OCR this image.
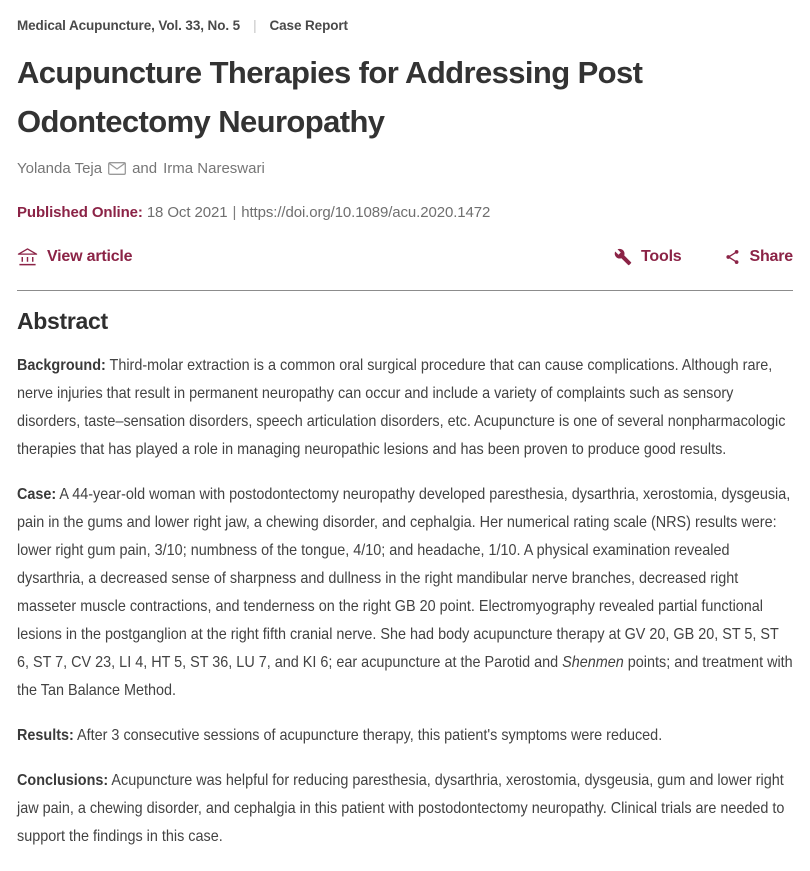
Medical Acupuncture, Vol. 33, No. 5 | Case Report
Acupuncture Therapies for Addressing Post Odontectomy Neuropathy
Yolanda Teja and Irma Nareswari
Published Online: 18 Oct 2021 | https://doi.org/10.1089/acu.2020.1472
View article	Tools	Share
Abstract

Background: Third-molar extraction is a common oral surgical procedure that can cause complications. Although rare, nerve injuries that result in permanent neuropathy can occur and include a variety of complaints such as sensory disorders, taste–sensation disorders, speech articulation disorders, etc. Acupuncture is one of several nonpharmacologic therapies that has played a role in managing neuropathic lesions and has been proven to produce good results.

Case: A 44-year-old woman with postodontectomy neuropathy developed paresthesia, dysarthria, xerostomia, dysgeusia, pain in the gums and lower right jaw, a chewing disorder, and cephalgia. Her numerical rating scale (NRS) results were: lower right gum pain, 3/10; numbness of the tongue, 4/10; and headache, 1/10. A physical examination revealed dysarthria, a decreased sense of sharpness and dullness in the right mandibular nerve branches, decreased right masseter muscle contractions, and tenderness on the right GB 20 point. Electromyography revealed partial functional lesions in the postganglion at the right fifth cranial nerve. She had body acupuncture therapy at GV 20, GB 20, ST 5, ST 6, ST 7, CV 23, LI 4, HT 5, ST 36, LU 7, and KI 6; ear acupuncture at the Parotid and Shenmen points; and treatment with the Tan Balance Method.

Results: After 3 consecutive sessions of acupuncture therapy, this patient's symptoms were reduced.

Conclusions: Acupuncture was helpful for reducing paresthesia, dysarthria, xerostomia, dysgeusia, gum and lower right jaw pain, a chewing disorder, and cephalgia in this patient with postodontectomy neuropathy. Clinical trials are needed to support the findings in this case.
